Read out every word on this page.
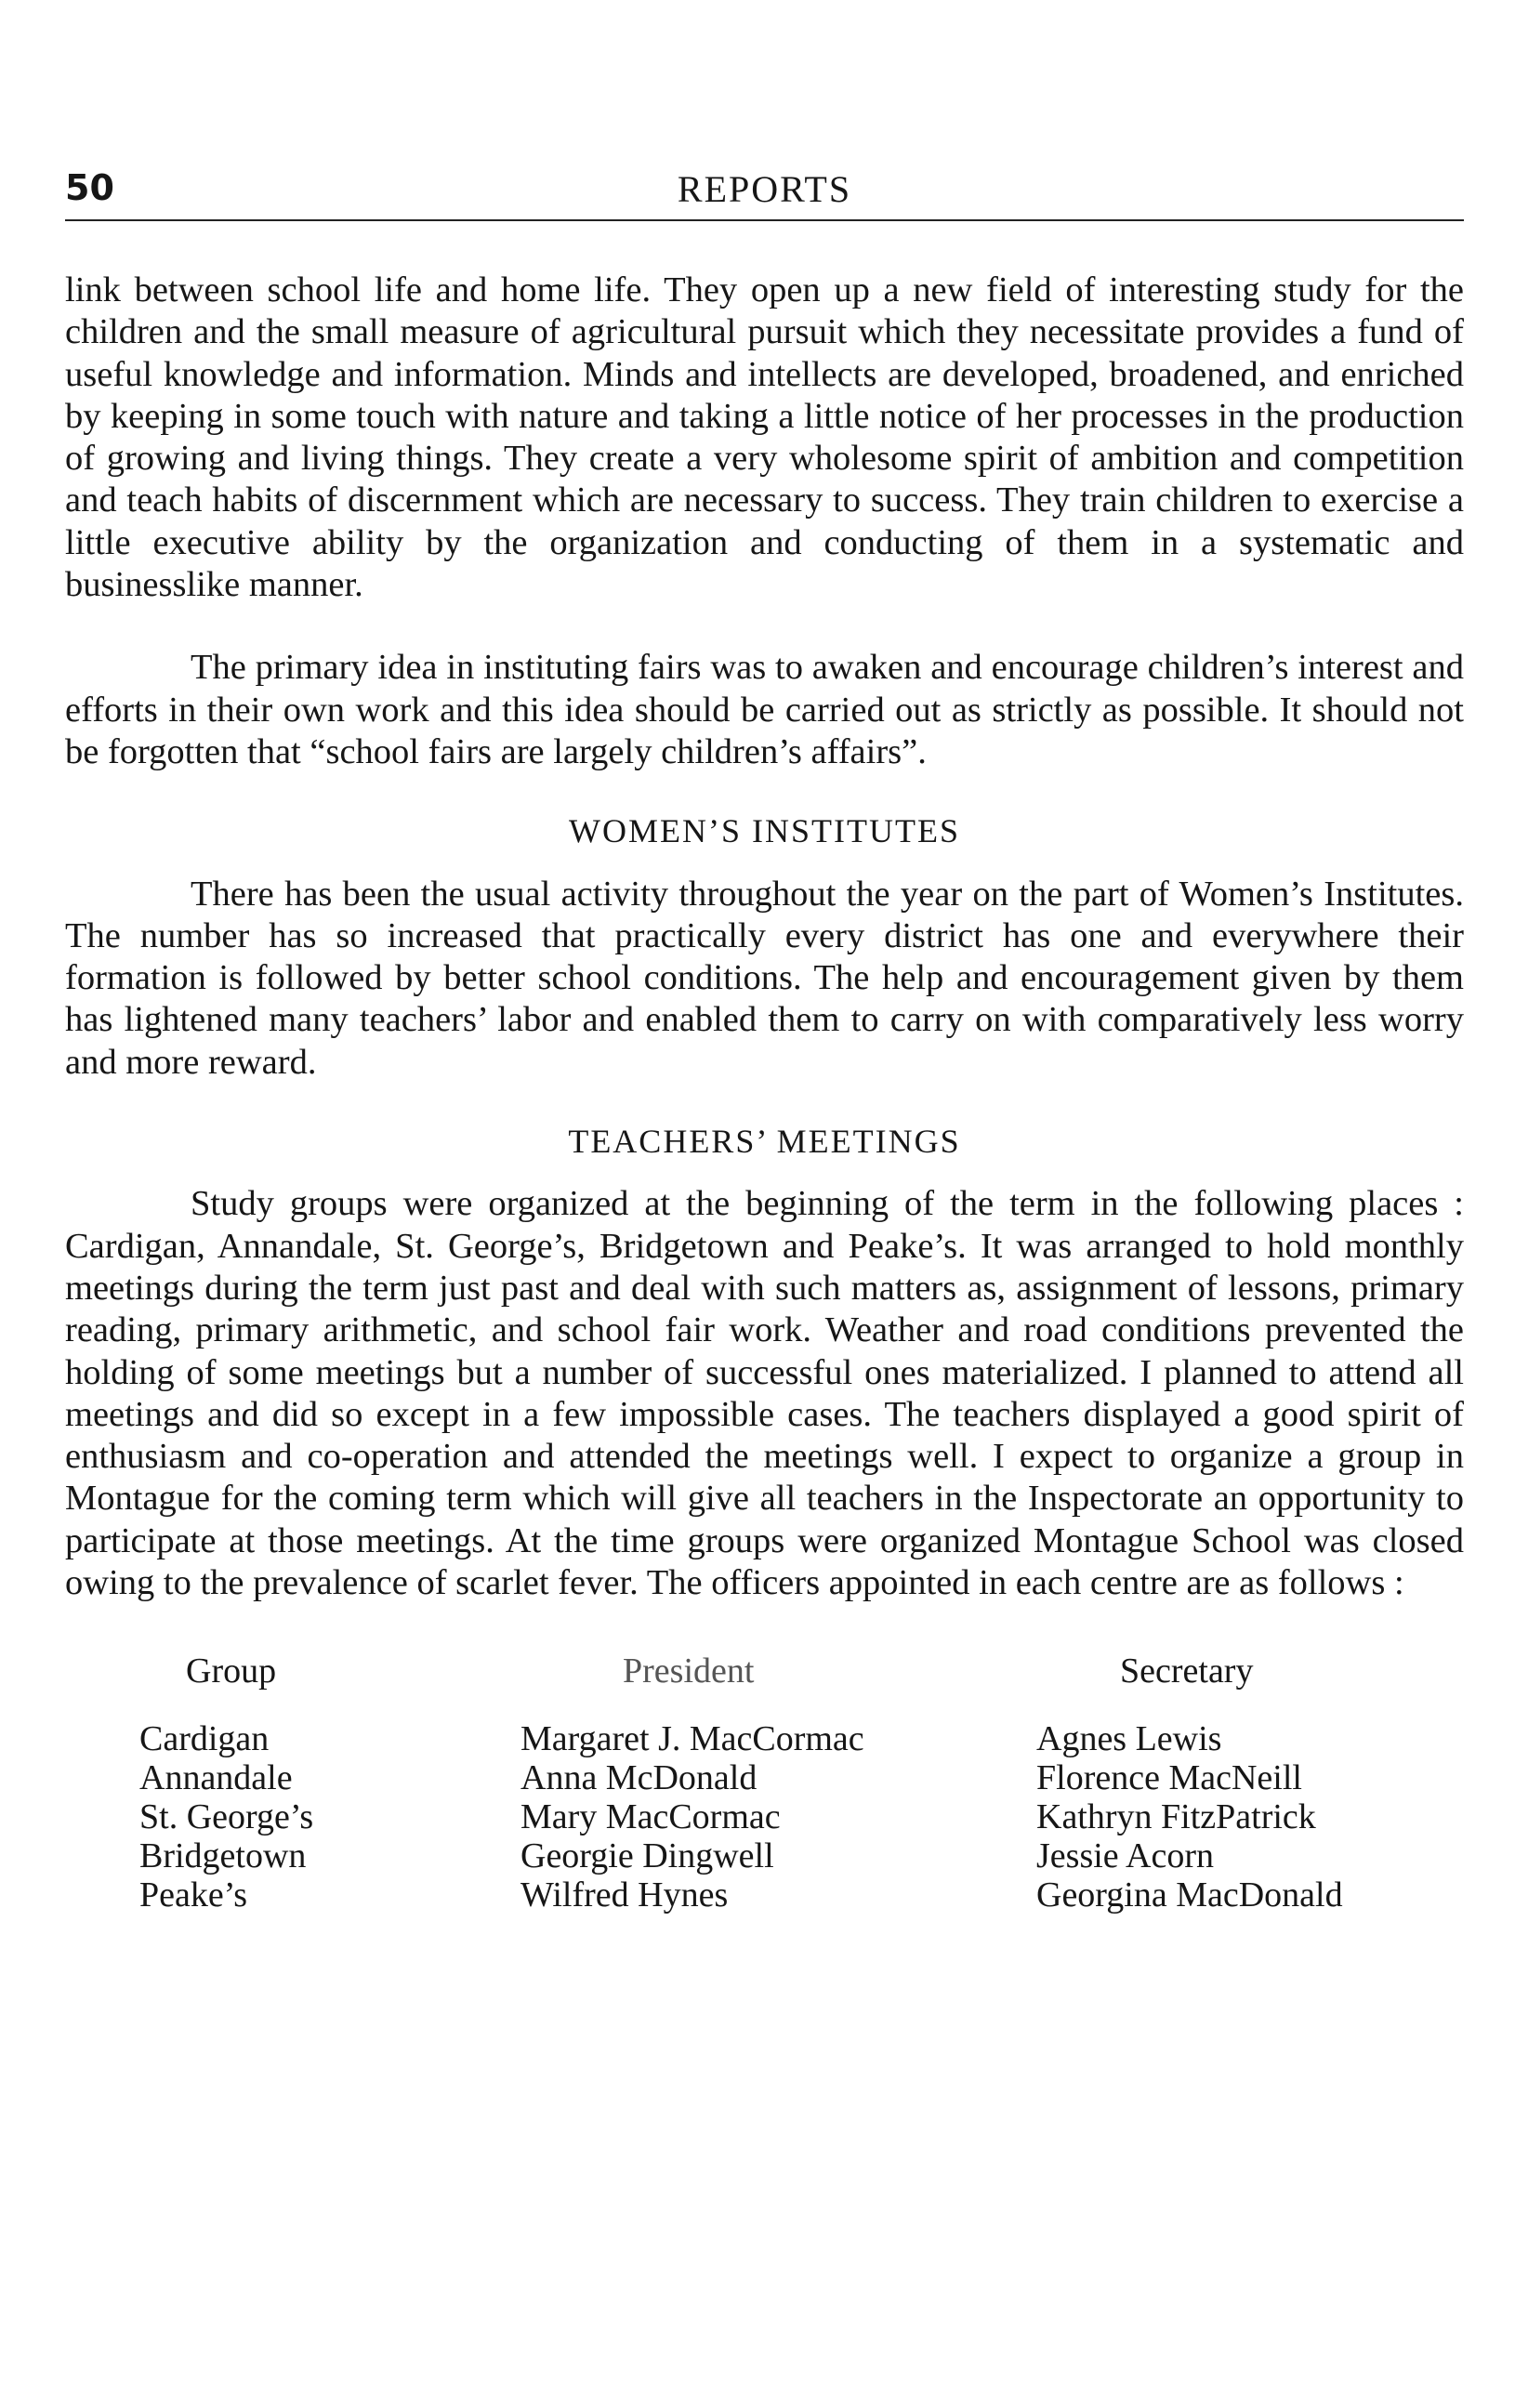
50	REPORTS

link between school life and home life. They open up a new field of interesting study for the children and the small measure of agricultural pursuit which they necessitate provides a fund of useful knowledge and information. Minds and intellects are developed, broadened, and enriched by keeping in some touch with nature and taking a little notice of her processes in the production of growing and living things. They create a very wholesome spirit of ambition and competition and teach habits of discernment which are necessary to success. They train children to exercise a little executive ability by the organization and conducting of them in a systematic and businesslike manner.

The primary idea in instituting fairs was to awaken and encourage children’s interest and efforts in their own work and this idea should be carried out as strictly as possible. It should not be forgotten that “school fairs are largely children’s affairs”.

WOMEN’S INSTITUTES

There has been the usual activity throughout the year on the part of Women’s Institutes. The number has so increased that practically every district has one and everywhere their formation is followed by better school conditions. The help and encouragement given by them has lightened many teachers’ labor and enabled them to carry on with comparatively less worry and more reward.

TEACHERS’ MEETINGS

Study groups were organized at the beginning of the term in the following places : Cardigan, Annandale, St. George’s, Bridgetown and Peake’s. It was arranged to hold monthly meetings during the term just past and deal with such matters as, assignment of lessons, primary reading, primary arithmetic, and school fair work. Weather and road conditions prevented the holding of some meetings but a number of successful ones materialized. I planned to attend all meetings and did so except in a few impossible cases. The teachers displayed a good spirit of enthusiasm and co-operation and attended the meetings well. I expect to organize a group in Montague for the coming term which will give all teachers in the Inspectorate an opportunity to participate at those meetings. At the time groups were organized Montague School was closed owing to the prevalence of scarlet fever. The officers appointed in each centre are as follows :

Group
Cardigan
Annandale
St. George’s
Bridgetown
Peake’s
President
Margaret J. MacCormac
Anna McDonald
Mary MacCormac
Georgie Dingwell
Wilfred Hynes
Secretary
Agnes Lewis
Florence MacNeill
Kathryn FitzPatrick
Jessie Acorn
Georgina MacDonald
